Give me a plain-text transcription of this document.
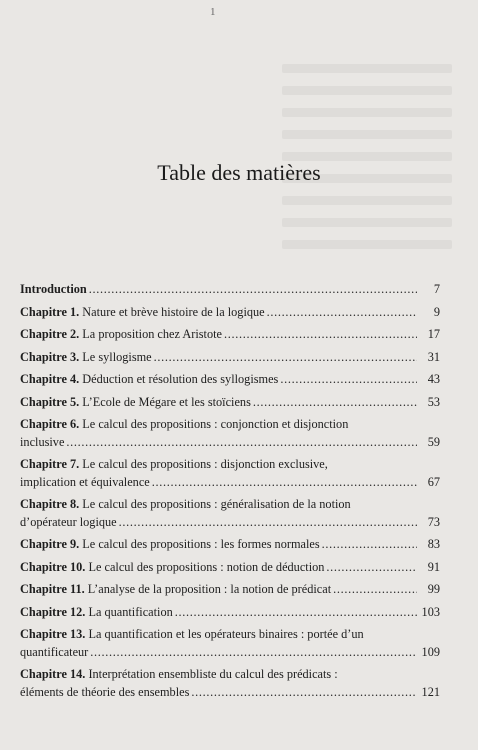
1
Table des matières
Introduction . . .	7
Chapitre 1.
Nature et brève histoire de la logique . . .	9
Chapitre 2.
La proposition chez Aristote . . .	17
Chapitre 3.
Le syllogisme . . .	31
Chapitre 4.
Déduction et résolution des syllogismes . . .	43
Chapitre 5.
L’Ecole de Mégare et les stoïciens . . .	53
Chapitre 6.
Le calcul des propositions : conjonction et disjonction
inclusive . . .	59
Chapitre 7.
Le calcul des propositions : disjonction exclusive,
implication et équivalence . . .	67
Chapitre 8.
Le calcul des propositions : généralisation de la notion
d’opérateur logique . . .	73
Chapitre 9.
Le calcul des propositions : les formes normales . . .	83
Chapitre 10.
Le calcul des propositions : notion de déduction . . .	91
Chapitre 11.
L’analyse de la proposition : la notion de prédicat . . .	99
Chapitre 12.
La quantification . . .	103
Chapitre 13.
La quantification et les opérateurs binaires : portée d’un
quantificateur . . .	109
Chapitre 14.
Interprétation ensembliste du calcul des prédicats :
éléments de théorie des ensembles . . .	121
